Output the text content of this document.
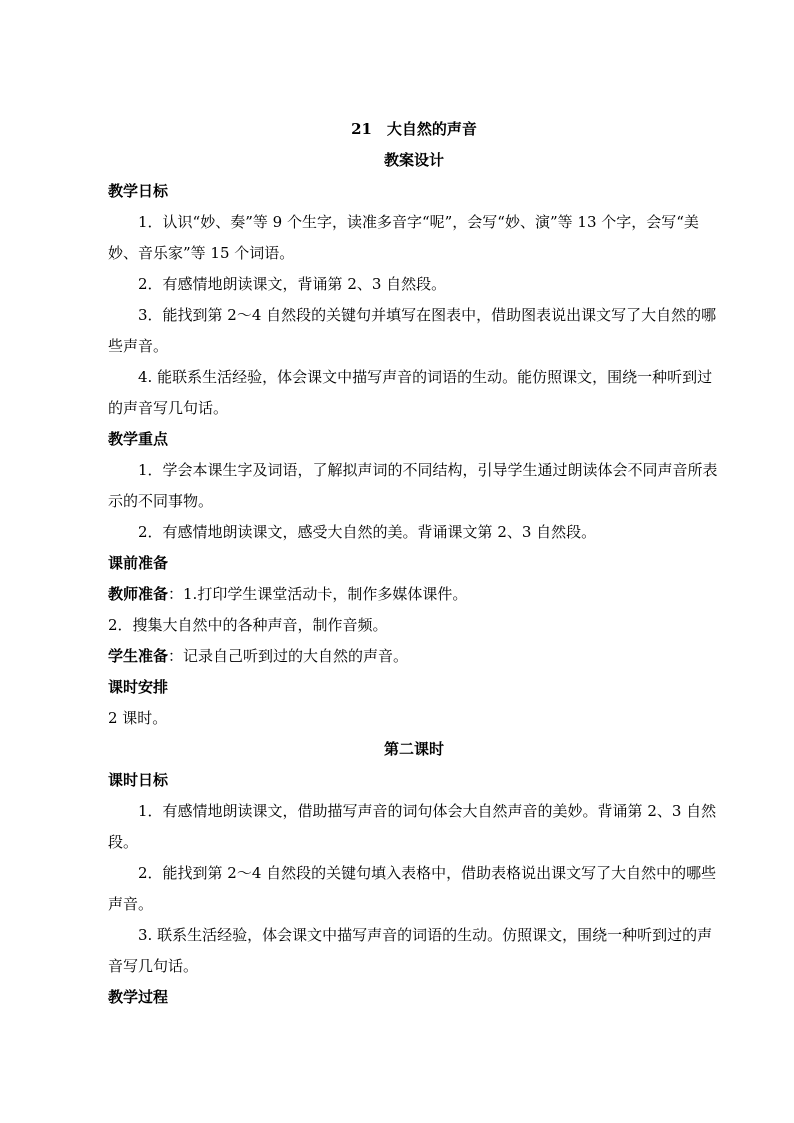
21　大自然的声音

教案设计

教学日标

1．认识“妙、奏”等 9 个生字，读准多音字“呢”，会写“妙、演”等 13 个字，会写“美妙、音乐家”等 15 个词语。

2．有感情地朗读课文，背诵第 2、3 自然段。

3．能找到第 2～4 自然段的关键句并填写在图表中，借助图表说出课文写了大自然的哪些声音。

4. 能联系生活经验，体会课文中描写声音的词语的生动。能仿照课文，围绕一种听到过的声音写几句话。

教学重点

1．学会本课生字及词语，了解拟声词的不同结构，引导学生通过朗读体会不同声音所表示的不同事物。

2．有感情地朗读课文，感受大自然的美。背诵课文第 2、3 自然段。

课前准备

教师准备：1.打印学生课堂活动卡，制作多媒体课件。

2．搜集大自然中的各种声音，制作音频。

学生准备：记录自己听到过的大自然的声音。

课时安排

2 课时。

第二课时

课时日标

1．有感情地朗读课文，借助描写声音的词句体会大自然声音的美妙。背诵第 2、3 自然段。

2．能找到第 2～4 自然段的关键句填入表格中，借助表格说出课文写了大自然中的哪些声音。

3. 联系生活经验，体会课文中描写声音的词语的生动。仿照课文，围绕一种听到过的声音写几句话。

教学过程
